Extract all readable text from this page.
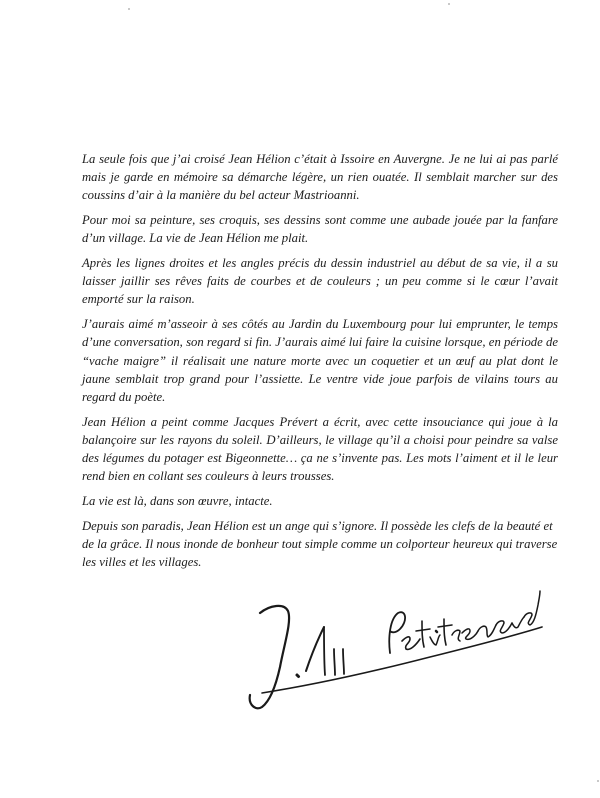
La seule fois que j’ai croisé Jean Hélion c’était à Issoire en Auvergne. Je ne lui ai pas parlé mais je garde en mémoire sa démarche légère, un rien ouatée. Il semblait marcher sur des coussins d’air à la manière du bel acteur Mastrioanni.

Pour moi sa peinture, ses croquis, ses dessins sont comme une aubade jouée par la fanfare d’un village. La vie de Jean Hélion me plait.

Après les lignes droites et les angles précis du dessin industriel au début de sa vie, il a su laisser jaillir ses rêves faits de courbes et de couleurs ; un peu comme si le cœur l’avait emporté sur la raison.

J’aurais aimé m’asseoir à ses côtés au Jardin du Luxembourg pour lui emprunter, le temps d’une conversation, son regard si fin. J’aurais aimé lui faire la cuisine lorsque, en période de “vache maigre” il réalisait une nature morte avec un coquetier et un œuf au plat dont le jaune semblait trop grand pour l’assiette. Le ventre vide joue parfois de vilains tours au regard du poète.

Jean Hélion a peint comme Jacques Prévert a écrit, avec cette insouciance qui joue à la balançoire sur les rayons du soleil. D’ailleurs, le village qu’il a choisi pour peindre sa valse des légumes du potager est Bigeonnette… ça ne s’invente pas. Les mots l’aiment et il le leur rend bien en collant ses couleurs à leurs trousses.

La vie est là, dans son œuvre, intacte.

Depuis son paradis, Jean Hélion est un ange qui s’ignore. Il possède les clefs de la beauté et de la grâce. Il nous inonde de bonheur tout simple comme un colporteur heureux qui traverse les villes et les villages.
